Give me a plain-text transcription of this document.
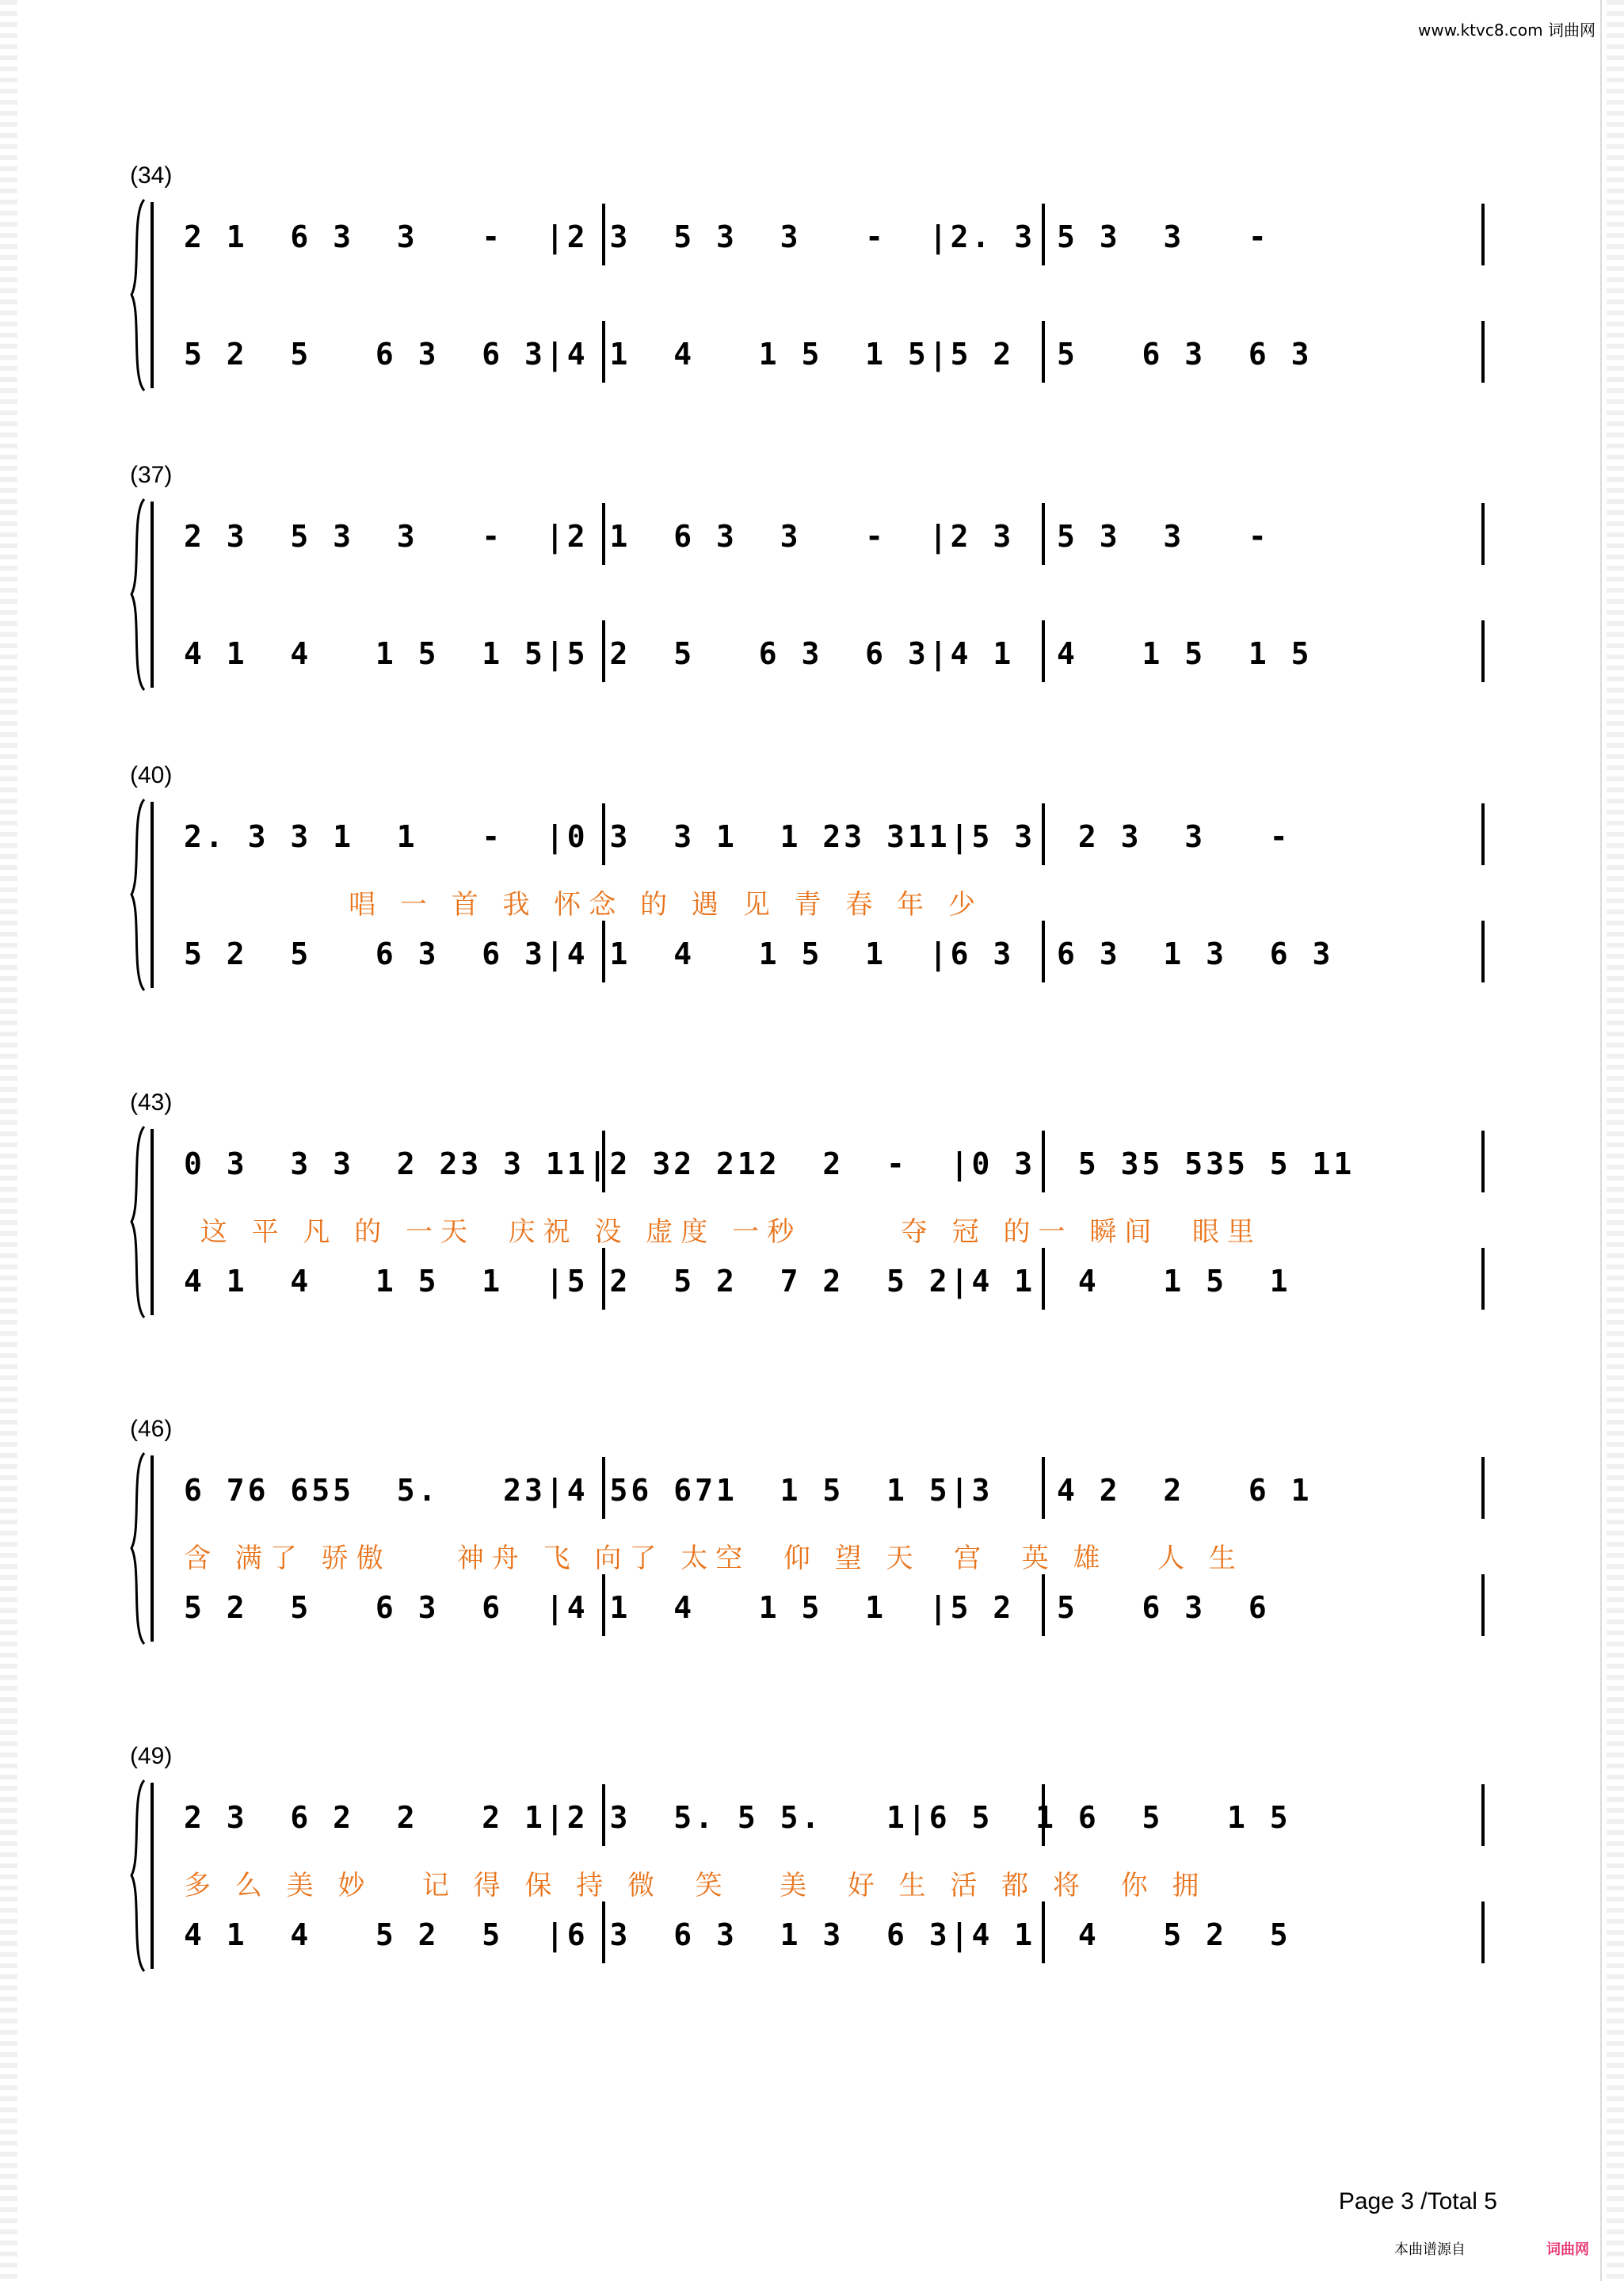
www.ktvc8.com 词曲网
(34)
2 1  6 3  3   -  |2 3  5 3  3   -  |2. 3 5 3  3   -
5 2  5   6 3  6 3|4 1  4   1 5  1 5|5 2  5   6 3  6 3
(37)
2 3  5 3  3   -  |2 1  6 3  3   -  |2 3  5 3  3   -
4 1  4   1 5  1 5|5 2  5   6 3  6 3|4 1  4   1 5  1 5
(40)
2. 3 3 1  1   -  |0 3  3 1  1 23 311|5 3  2 3  3   -
唱 一 首 我 怀念 的 遇 见 青 春 年 少
5 2  5   6 3  6 3|4 1  4   1 5  1  |6 3  6 3  1 3  6 3
(43)
0 3  3 3  2 23 3 11|2 32 212  2  -  |0 3  5 35 535 5 11
这 平 凡 的 一天  庆祝 没 虚度 一秒      夺 冠 的一 瞬间  眼里
4 1  4   1 5  1  |5 2  5 2  7 2  5 2|4 1  4   1 5  1
(46)
6 76 655  5.   23|4 56 671  1 5  1 5|3   4 2  2   6 1
含 满了 骄傲    神舟 飞 向了 太空  仰 望 天  宫  英 雄   人 生
5 2  5   6 3  6  |4 1  4   1 5  1  |5 2  5   6 3  6
(49)
2 3  6 2  2   2 1|2 3  5. 5 5.   1|6 5  1 6  5   1 5
多 么 美 妙   记 得 保 持 微  笑   美  好 生 活 都 将  你 拥
4 1  4   5 2  5  |6 3  6 3  1 3  6 3|4 1  4   5 2  5
Page 3 /Total 5
本曲谱源自	词曲网
